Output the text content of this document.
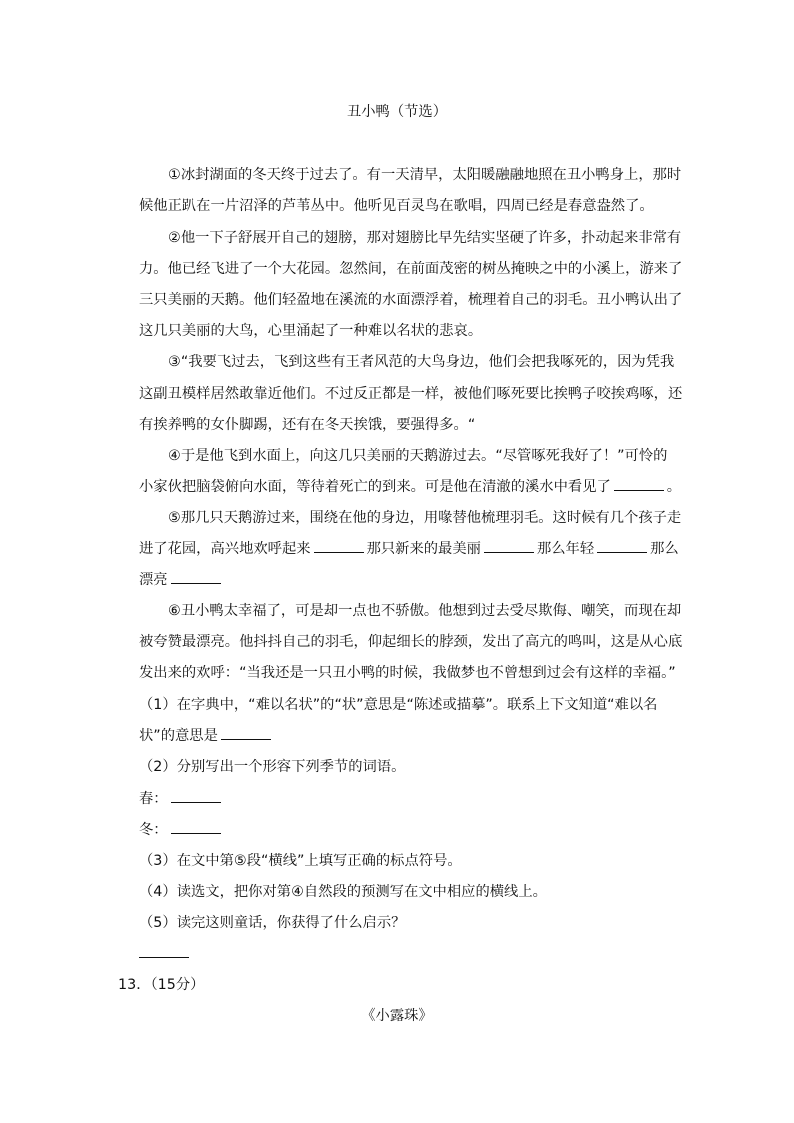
丑小鸭（节选）
①冰封湖面的冬天终于过去了。有一天清早，太阳暖融融地照在丑小鸭身上，那时
候他正趴在一片沼泽的芦苇丛中。他听见百灵鸟在歌唱，四周已经是春意盎然了。
②他一下子舒展开自己的翅膀，那对翅膀比早先结实坚硬了许多，扑动起来非常有
力。他已经飞进了一个大花园。忽然间，在前面茂密的树丛掩映之中的小溪上，游来了
三只美丽的天鹅。他们轻盈地在溪流的水面漂浮着，梳理着自己的羽毛。丑小鸭认出了
这几只美丽的大鸟，心里涌起了一种难以名状的悲哀。
③“我要飞过去，飞到这些有王者风范的大鸟身边，他们会把我啄死的，因为凭我
这副丑模样居然敢靠近他们。不过反正都是一样，被他们啄死要比挨鸭子咬挨鸡啄，还
有挨养鸭的女仆脚踢，还有在冬天挨饿，要强得多。“
④于是他飞到水面上，向这几只美丽的天鹅游过去。“尽管啄死我好了！”可怜的
小家伙把脑袋俯向水面，等待着死亡的到来。可是他在清澈的溪水中看见了	。
⑤那几只天鹅游过来，围绕在他的身边，用喙替他梳理羽毛。这时候有几个孩子走
进了花园，高兴地欢呼起来	那只新来的最美丽	那么年轻	那么
漂亮
⑥丑小鸭太幸福了，可是却一点也不骄傲。他想到过去受尽欺侮、嘲笑，而现在却
被夸赞最漂亮。他抖抖自己的羽毛，仰起细长的脖颈，发出了高亢的鸣叫，这是从心底
发出来的欢呼：“当我还是一只丑小鸭的时候，我做梦也不曾想到过会有这样的幸福。”
（1）在字典中，“难以名状”的“状”意思是“陈述或描摹”。联系上下文知道“难以名
状”的意思是
（2）分别写出一个形容下列季节的词语。
春：
冬：
（3）在文中第⑤段“横线”上填写正确的标点符号。
（4）读选文，把你对第④自然段的预测写在文中相应的横线上。
（5）读完这则童话，你获得了什么启示？
13．（15分）
《小露珠》
